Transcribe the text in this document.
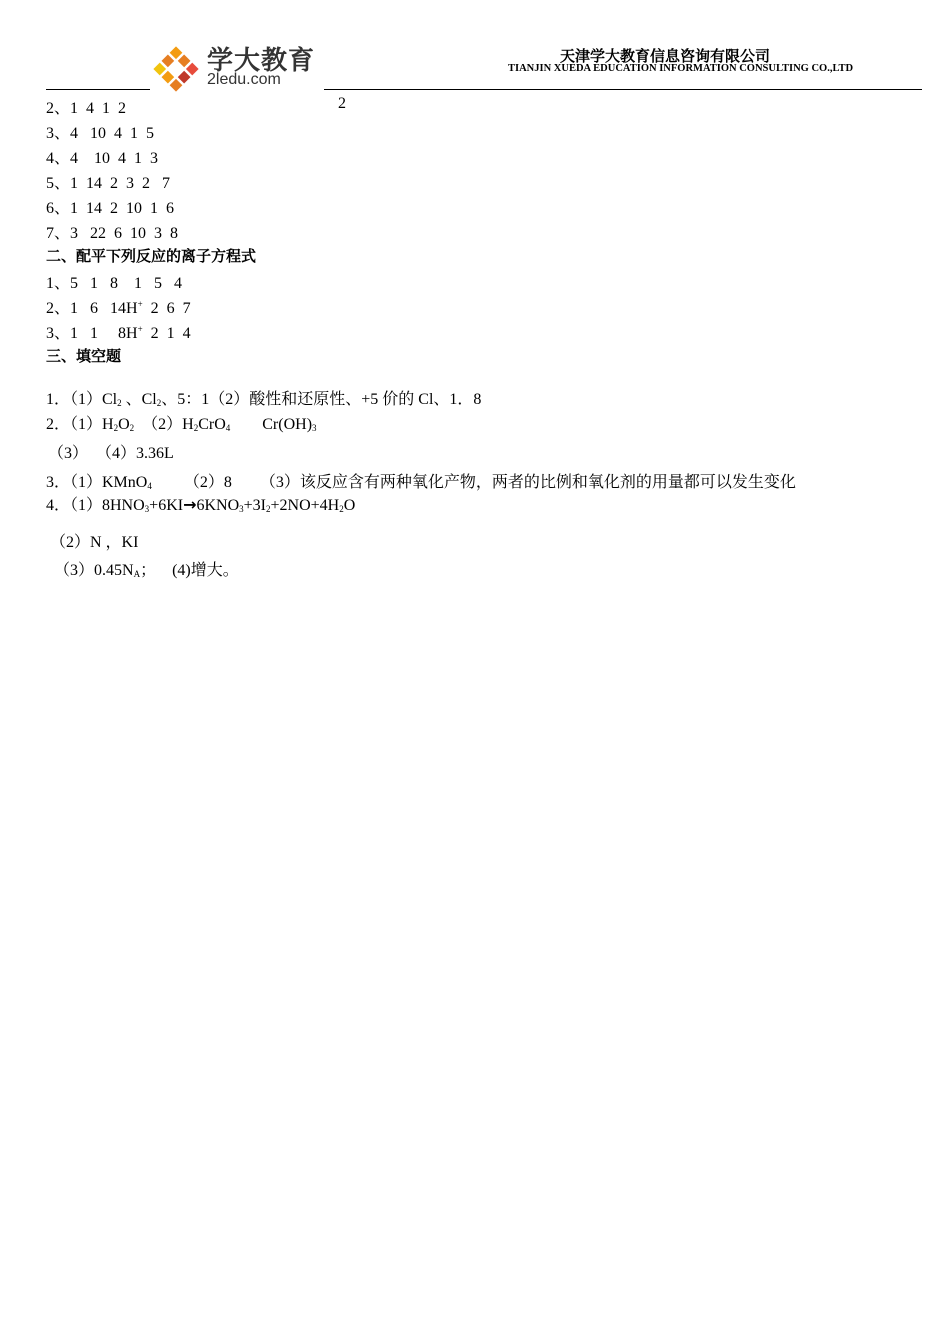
学大教育
2ledu.com
天津学大教育信息咨询有限公司
TIANJIN XUEDA EDUCATION INFORMATION CONSULTING CO.,LTD
2、1  4  1  2	2
3、4   10  4  1  5
4、4    10  4  1  3
5、1  14  2  3  2   7
6、1  14  2  10  1  6
7、3   22  6  10  3  8
二、配平下列反应的离子方程式
1、5   1   8    1   5   4
2、1   6   14H+  2  6  7
3、1   1     8H+  2  1  4
三、填空题
1．$(1)Cl_2$ 、$Cl_2$、5：1（2）酸性和还原性、+5 价的 Cl、1．8
2．$(1)H_2O_2$  $(2)H_2CrO_4$        $Cr(OH)_3$
（3）  （4）3.36L
3．（1）KMnO$_4$        （2）8       （3）该反应含有两种氧化产物，两者的比例和氧化剂的用量都可以发生变化
4．$(1)8HNO_3+6KI\to 6KNO_3+3I_2+2NO+4H_2O$
（2）N ，KI
$(3)0.45N_A$；    (4)增大。
